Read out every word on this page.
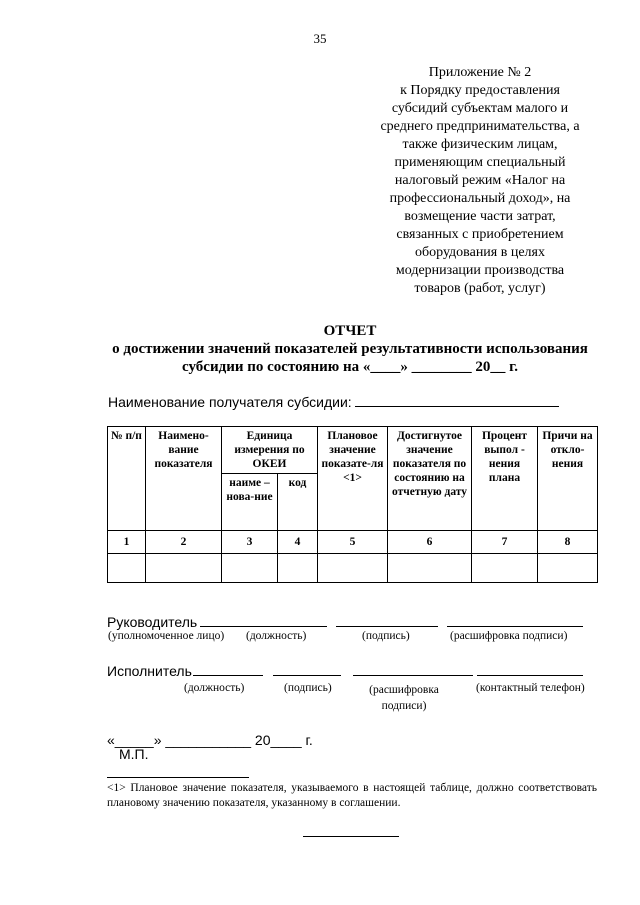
35
Приложение № 2
к Порядку предоставления
субсидий субъектам малого и
среднего предпринимательства, а
также физическим лицам,
применяющим специальный
налоговый режим «Налог на
профессиональный доход», на
возмещение части затрат,
связанных с приобретением
оборудования в целях
модернизации производства
товаров (работ, услуг)
ОТЧЕТ
о достижении значений показателей результативности использования
субсидии по состоянию на «____» ________ 20__ г.
Наименование получателя субсидии:
№ п/п	Наимено-вание показателя	Единица измерения по ОКЕИ		Плановое значение показате-ля <1>	Достигнутое значение показателя по состоянию на отчетную дату	Процент выпол - нения плана	Причи на откло-нения
		наиме – нова-ние	код				
1	2	3	4	5	6	7	8

Руководитель
(уполномоченное лицо) (должность)	(подпись)	(расшифровка подписи)
Исполнитель
(должность)	(подпись)	(расшифровка подписи)
(контактный телефон)
«_____» ___________ 20____ г.
М.П.
<1> Плановое значение показателя, указываемого в настоящей таблице, должно соответствовать плановому значению показателя, указанному в соглашении.
